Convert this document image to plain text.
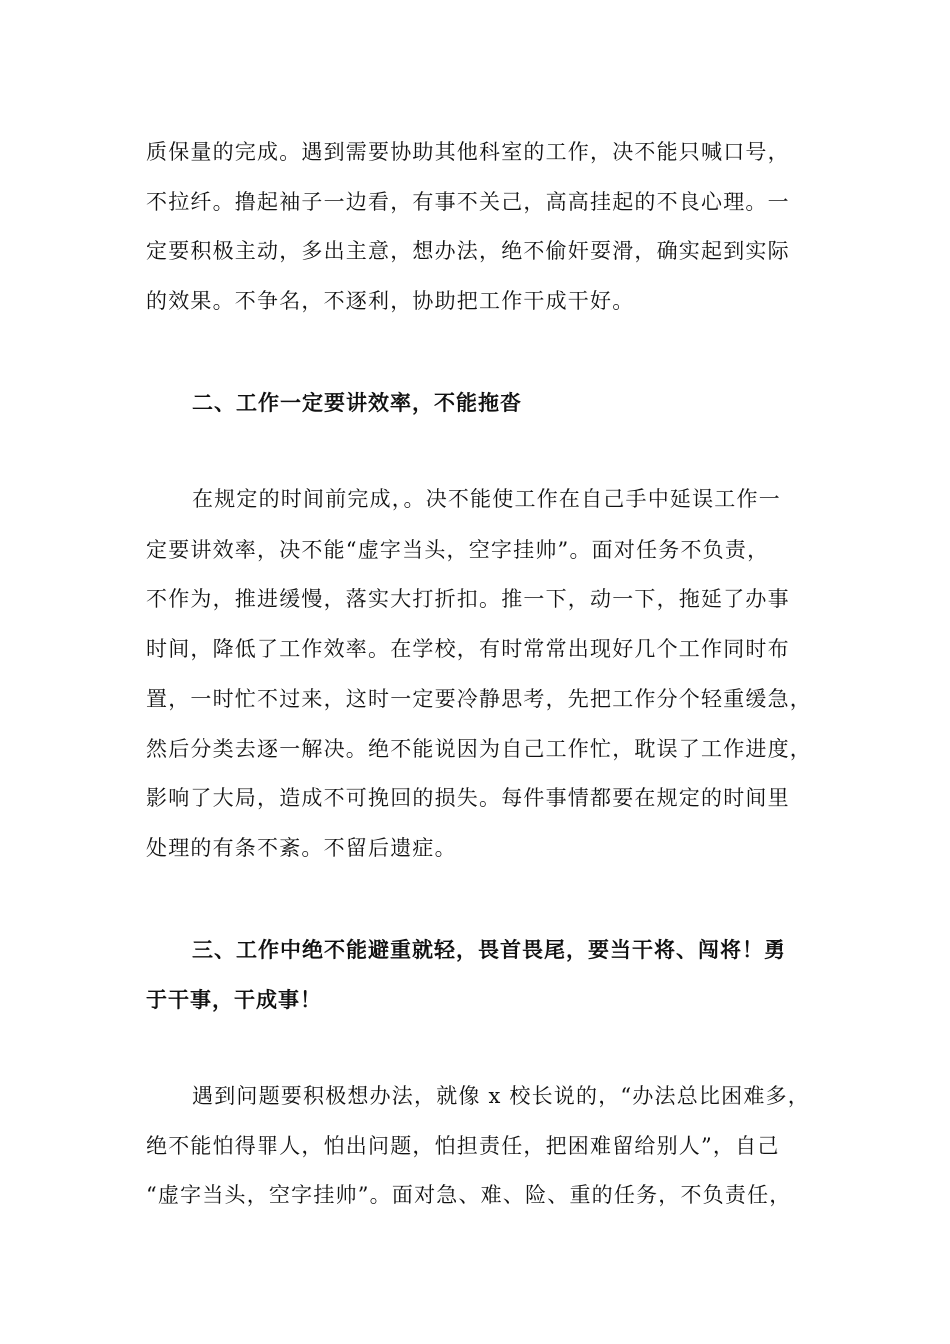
质保量的完成。遇到需要协助其他科室的工作，决不能只喊口号，
不拉纤。撸起袖子一边看，有事不关己，高高挂起的不良心理。一
定要积极主动，多出主意，想办法，绝不偷奸耍滑，确实起到实际
的效果。不争名，不逐利，协助把工作干成干好。
二、工作一定要讲效率，不能拖沓
在规定的时间前完成，。决不能使工作在自己手中延误工作一
定要讲效率，决不能“虚字当头，空字挂帅”。面对任务不负责，
不作为，推进缓慢，落实大打折扣。推一下，动一下，拖延了办事
时间，降低了工作效率。在学校，有时常常出现好几个工作同时布
置，一时忙不过来，这时一定要冷静思考，先把工作分个轻重缓急，
然后分类去逐一解决。绝不能说因为自己工作忙，耽误了工作进度，
影响了大局，造成不可挽回的损失。每件事情都要在规定的时间里
处理的有条不紊。不留后遗症。
三、工作中绝不能避重就轻，畏首畏尾，要当干将、闯将！勇
于干事，干成事！
遇到问题要积极想办法，就像 x 校长说的，“办法总比困难多，
绝不能怕得罪人，怕出问题，怕担责任，把困难留给别人”，自己
“虚字当头，空字挂帅”。面对急、难、险、重的任务，不负责任，
